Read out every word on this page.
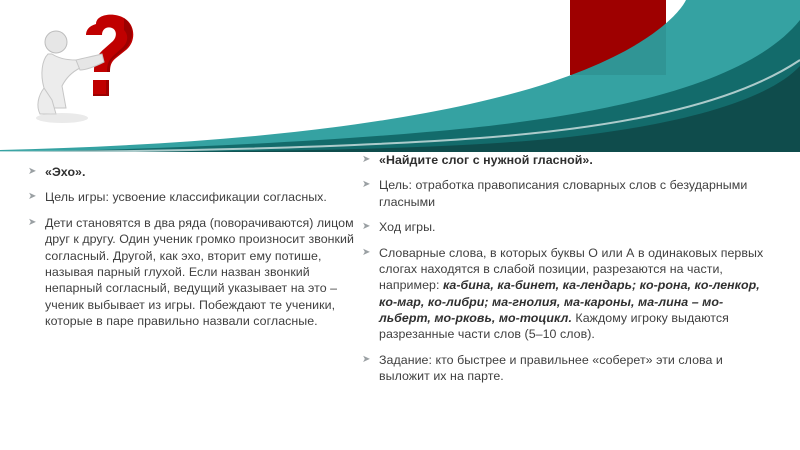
➤ «Эхо».
➤ Цель игры: усвоение классификации согласных.
➤ Дети становятся в два ряда (поворачиваются) лицом друг к другу. Один ученик громко произносит звонкий согласный. Другой, как эхо, вторит ему потише, называя парный глухой. Если назван звонкий непарный согласный, ведущий указывает на это – ученик выбывает из игры. Побеждают те ученики, которые в паре правильно назвали согласные.
➤ «Найдите слог с нужной гласной».
➤ Цель: отработка правописания словарных слов с безударными гласными
➤ Ход игры.
➤ Словарные слова, в которых буквы О или А в одинаковых первых слогах находятся в слабой позиции, разрезаются на части, например: ка-бина, ка-бинет, ка-лендарь; ко-рона, ко-ленкор, ко-мар, ко-либри; ма-гнолия, ма-кароны, ма-лина – мо-льберт, мо-рковь, мо-тоцикл. Каждому игроку выдаются разрезанные части слов (5–10 слов).
➤ Задание: кто быстрее и правильнее «соберет» эти слова и выложит их на парте.
